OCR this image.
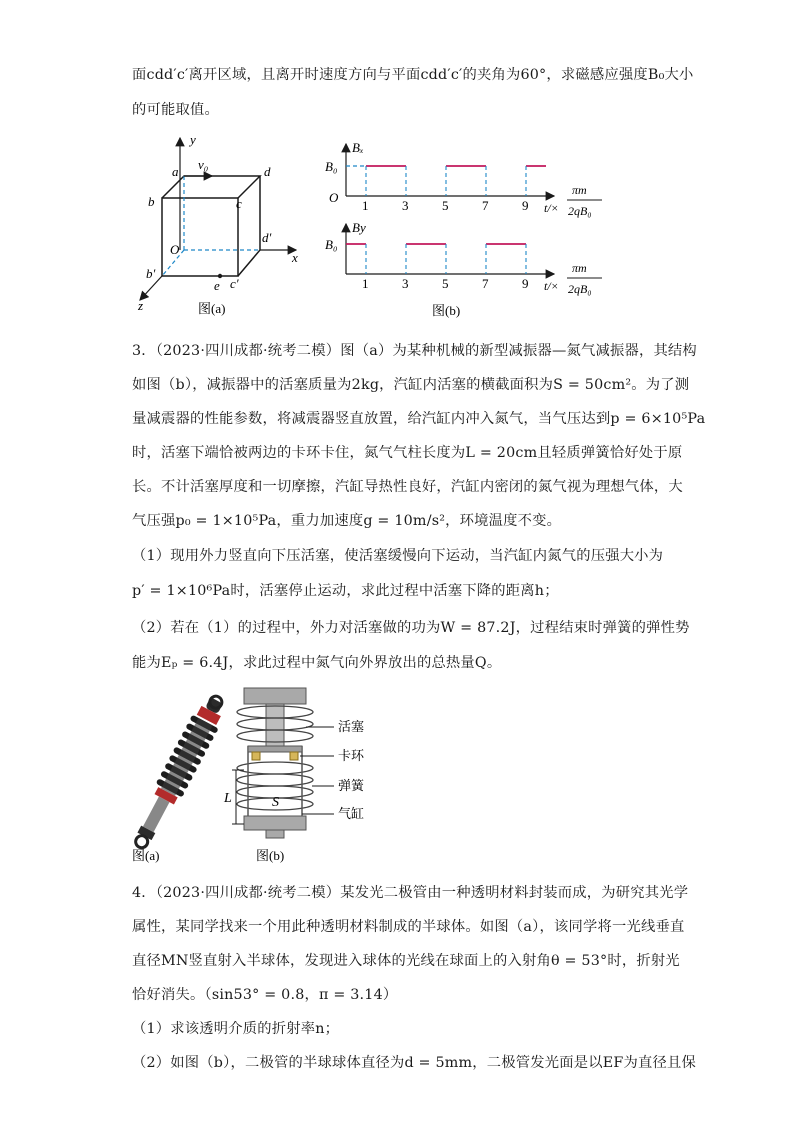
面cdd′c′离开区域，且离开时速度方向与平面cdd′c′的夹角为60°，求磁感应强度B₀大小
的可能取值。
y
a v₀	d
b	c
O
d′
x
b′
e c′
z	图(a)
1
1
3
3
5
5
7
7
9
9
Bₓ
B₀
O
By
B₀
t/×
πm
2qB₀
t/×
πm
2qB₀
图(b)
3．（2023·四川成都·统考二模）图（a）为某种机械的新型减振器—氮气减振器，其结构
如图（b），减振器中的活塞质量为2kg，汽缸内活塞的横截面积为S = 50cm²。为了测
量减震器的性能参数，将减震器竖直放置，给汽缸内冲入氮气，当气压达到p = 6×10⁵Pa
时，活塞下端恰被两边的卡环卡住，氮气气柱长度为L = 20cm且轻质弹簧恰好处于原
长。不计活塞厚度和一切摩擦，汽缸导热性良好，汽缸内密闭的氮气视为理想气体，大
气压强p₀ = 1×10⁵Pa，重力加速度g = 10m/s²，环境温度不变。
（1）现用外力竖直向下压活塞，使活塞缓慢向下运动，当汽缸内氮气的压强大小为
p′ = 1×10⁶Pa时，活塞停止运动，求此过程中活塞下降的距离h；
（2）若在（1）的过程中，外力对活塞做的功为W = 87.2J，过程结束时弹簧的弹性势
能为Eₚ = 6.4J，求此过程中氮气向外界放出的总热量Q。
图(a)
L	S
活塞
卡环
弹簧
气缸
图(b)
4．（2023·四川成都·统考二模）某发光二极管由一种透明材料封装而成，为研究其光学
属性，某同学找来一个用此种透明材料制成的半球体。如图（a），该同学将一光线垂直
直径MN竖直射入半球体，发现进入球体的光线在球面上的入射角θ = 53°时，折射光
恰好消失。（sin53° = 0.8，π = 3.14）
（1）求该透明介质的折射率n；
（2）如图（b），二极管的半球球体直径为d = 5mm，二极管发光面是以EF为直径且保
